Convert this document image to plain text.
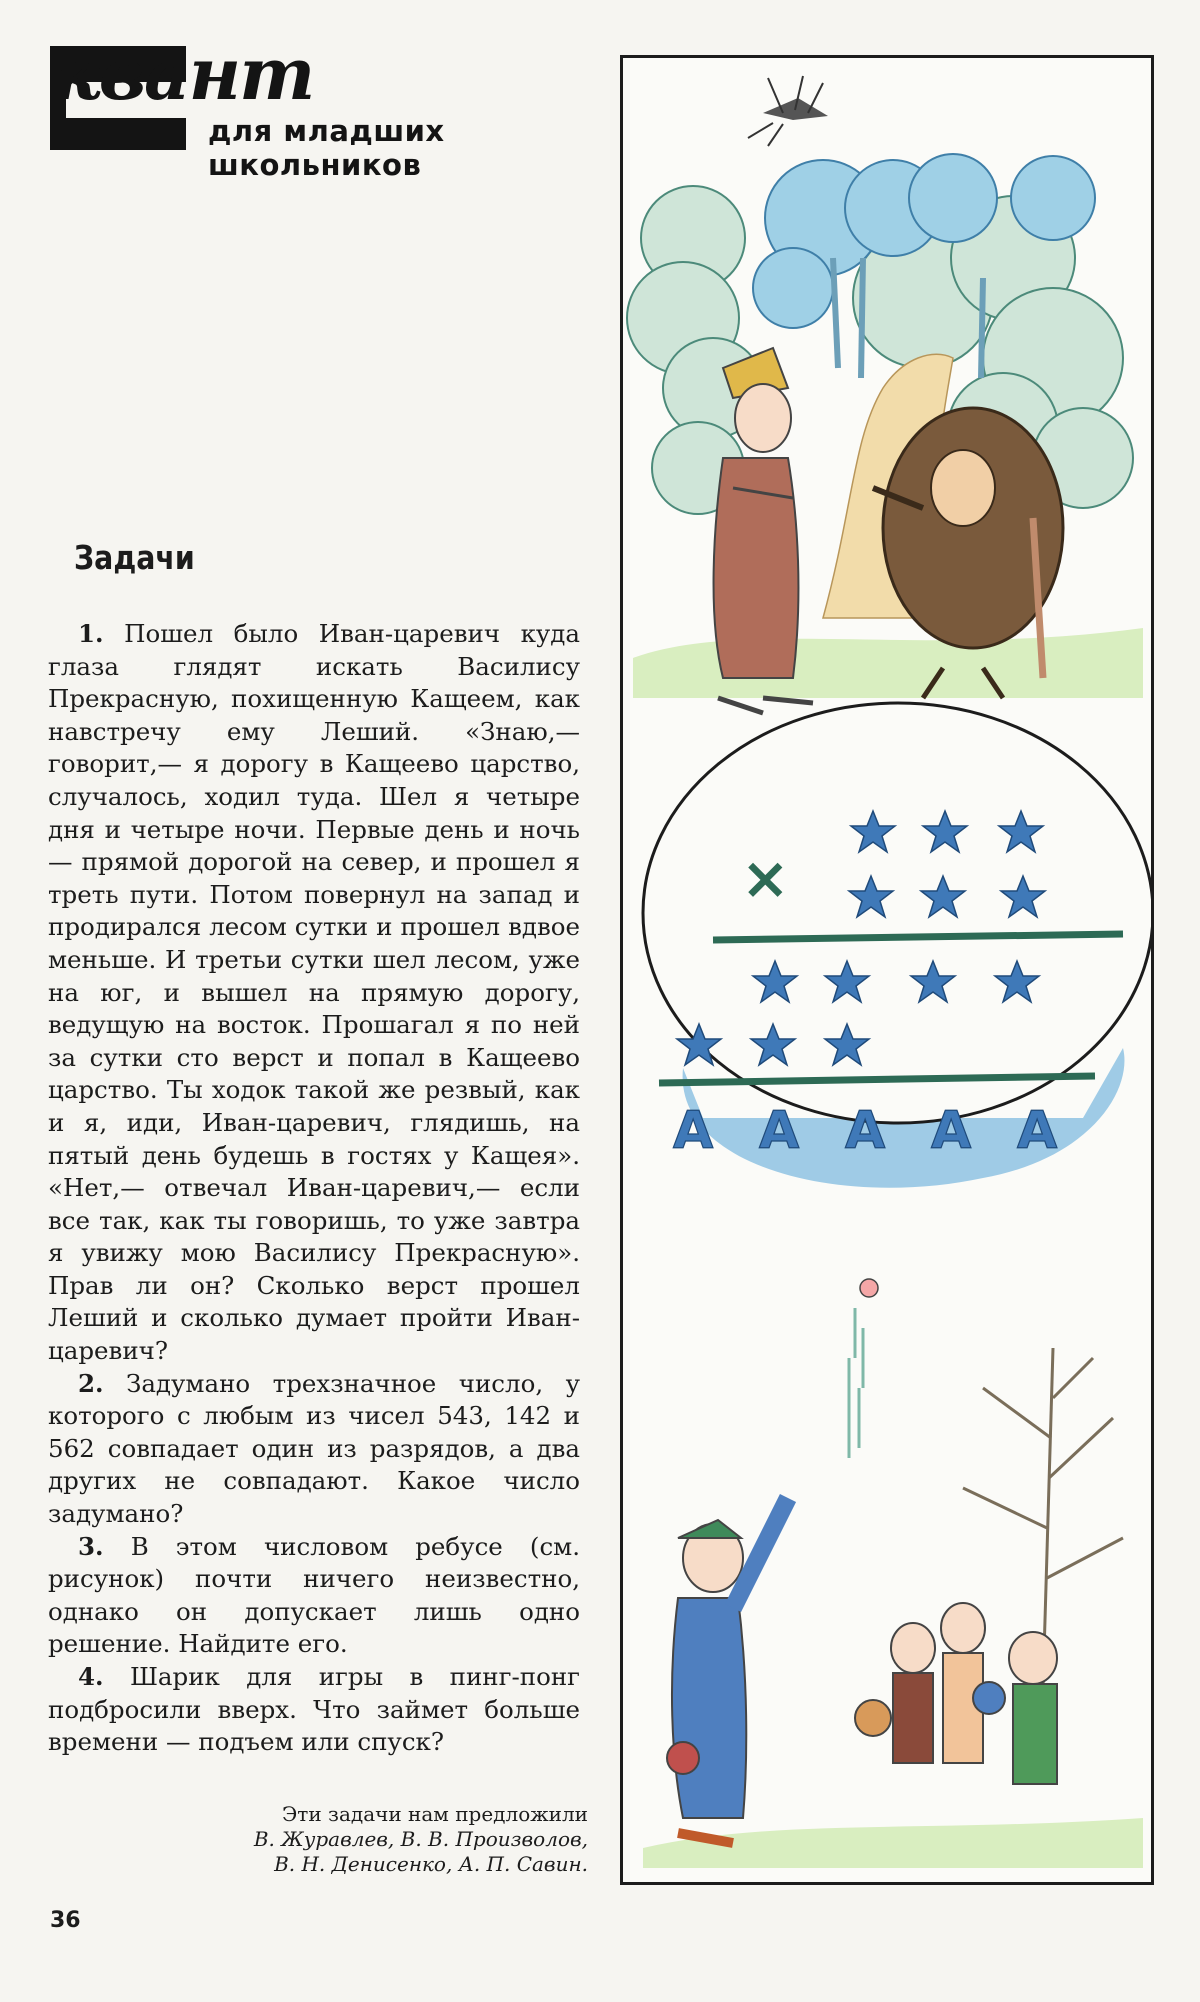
квант
для младших школьников
Задачи

1. Пошел было Иван-царевич куда глаза глядят искать Василису Прекрасную, похищенную Кащеем, как навстречу ему Леший. «Знаю,— говорит,— я дорогу в Кащеево царство, случалось, ходил туда. Шел я четыре дня и четыре ночи. Первые день и ночь — прямой дорогой на север, и прошел я треть пути. Потом повернул на запад и продирался лесом сутки и прошел вдвое меньше. И третьи сутки шел лесом, уже на юг, и вышел на прямую дорогу, ведущую на восток. Прошагал я по ней за сутки сто верст и попал в Кащеево царство. Ты ходок такой же резвый, как и я, иди, Иван-царевич, глядишь, на пятый день будешь в гостях у Кащея». «Нет,— отвечал Иван-царевич,— если все так, как ты говоришь, то уже завтра я увижу мою Василису Прекрасную». Прав ли он? Сколько верст прошел Леший и сколько думает пройти Иван-царевич?

2. Задумано трехзначное число, у которого с любым из чисел 543, 142 и 562 совпадает один из разрядов, а два других не совпадают. Какое число задумано?

3. В этом числовом ребусе (см. рисунок) почти ничего неизвестно, однако он допускает лишь одно решение. Найдите его.

4. Шарик для игры в пинг-понг подбросили вверх. Что займет больше времени — подъем или спуск?

Эти задачи нам предложили
В. Журавлев, В. В. Произволов,
В. Н. Денисенко, А. П. Савин.
36
×
A A A A A
